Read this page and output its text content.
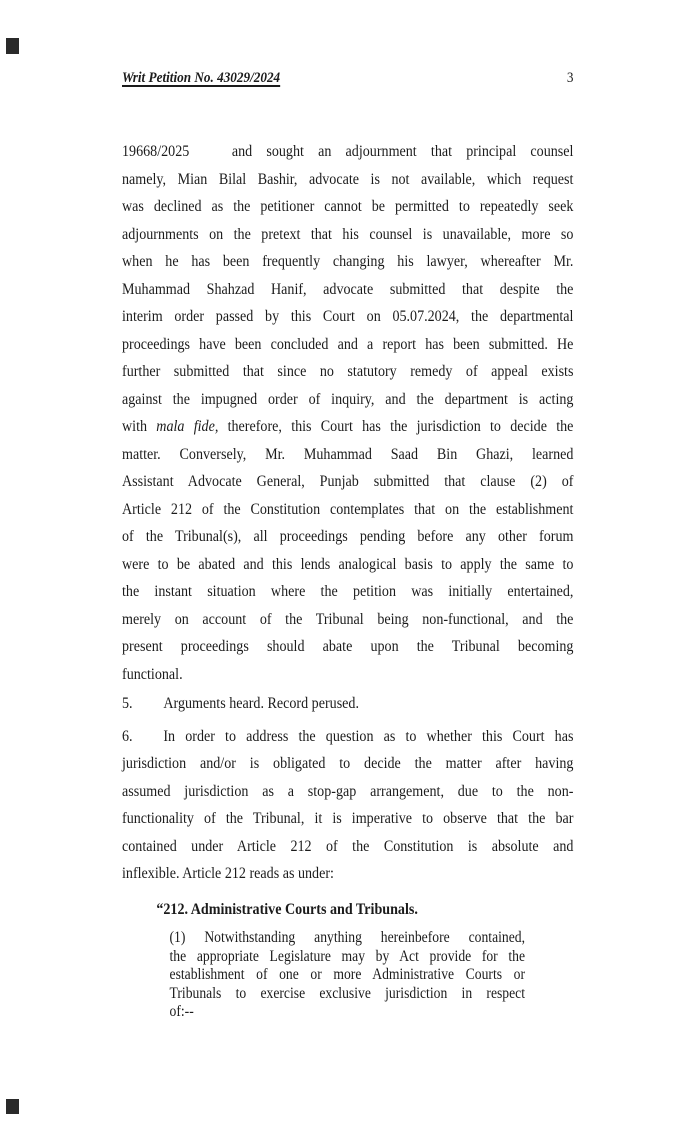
Writ Petition No. 43029/2024	3
19668/2025   and sought an adjournment that principal counsel
namely, Mian Bilal Bashir, advocate is not available, which request
was declined as the petitioner cannot be permitted to repeatedly seek
adjournments on the pretext that his counsel is unavailable, more so
when he has been frequently changing his lawyer, whereafter Mr.
Muhammad Shahzad Hanif, advocate submitted that despite the
interim order passed by this Court on 05.07.2024, the departmental
proceedings have been concluded and a report has been submitted. He
further submitted that since no statutory remedy of appeal exists
against the impugned order of inquiry, and the department is acting
with mala fide, therefore, this Court has the jurisdiction to decide the
matter. Conversely, Mr. Muhammad Saad Bin Ghazi, learned
Assistant Advocate General, Punjab submitted that clause (2) of
Article 212 of the Constitution contemplates that on the establishment
of the Tribunal(s), all proceedings pending before any other forum
were to be abated and this lends analogical basis to apply the same to
the instant situation where the petition was initially entertained,
merely on account of the Tribunal being non-functional, and the
present proceedings should abate upon the Tribunal becoming
functional.
5. Arguments heard. Record perused.
6. In order to address the question as to whether this Court has
jurisdiction and/or is obligated to decide the matter after having
assumed jurisdiction as a stop-gap arrangement, due to the non-
functionality of the Tribunal, it is imperative to observe that the bar
contained under Article 212 of the Constitution is absolute and
inflexible. Article 212 reads as under:
“212. Administrative Courts and Tribunals.
(1) Notwithstanding anything hereinbefore contained,
the appropriate Legislature may by Act provide for the
establishment of one or more Administrative Courts or
Tribunals to exercise exclusive jurisdiction in respect
of:--
